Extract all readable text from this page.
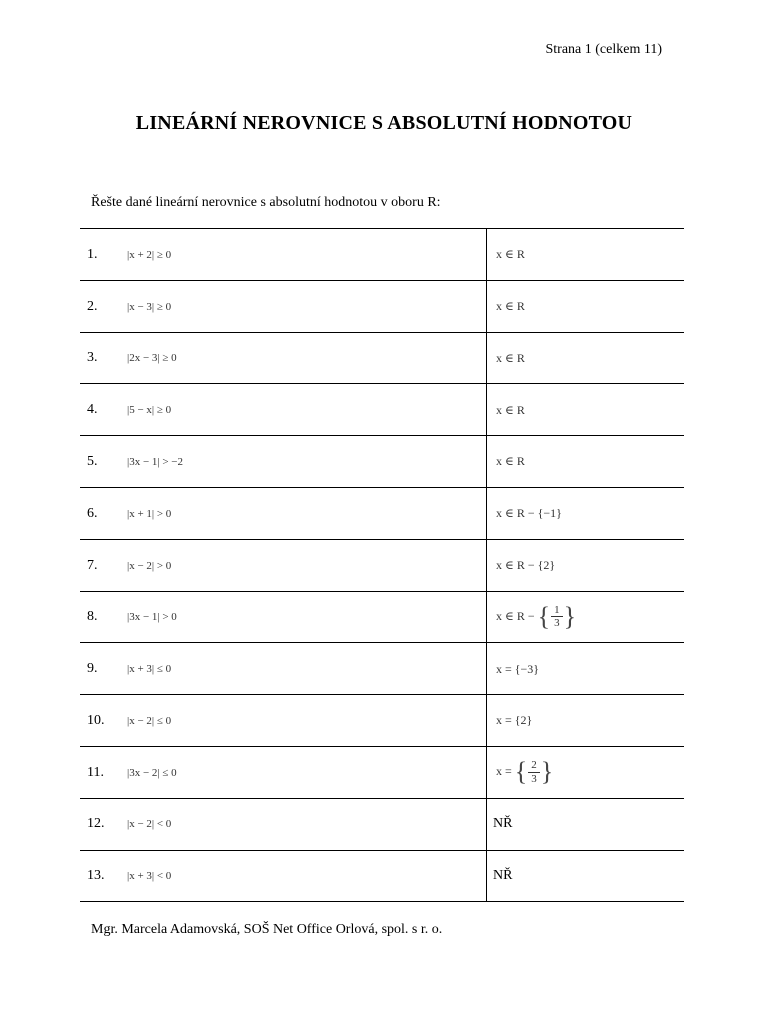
Strana 1 (celkem 11)
LINEÁRNÍ NEROVNICE S ABSOLUTNÍ HODNOTOU
Řešte dané lineární nerovnice s absolutní hodnotou v oboru R:
1. |x + 2| ≥ 0	x ∈ R
2. |x − 3| ≥ 0	x ∈ R
3. |2x − 3| ≥ 0	x ∈ R
4. |5 − x| ≥ 0	x ∈ R
5. |3x − 1| > −2	x ∈ R
6. |x + 1| > 0	x ∈ R − {−1}
7. |x − 2| > 0	x ∈ R − {2}
8. |3x − 1| > 0	x ∈ R − { $\frac{1}{3}$ }
9. |x + 3| ≤ 0	x = {−3}
10. |x − 2| ≤ 0	x = {2}
11. |3x − 2| ≤ 0	x = { $\frac{2}{3}$ }
12. |x − 2| < 0	NŘ
13. |x + 3| < 0	NŘ
Mgr. Marcela Adamovská, SOŠ Net Office Orlová, spol. s r. o.
